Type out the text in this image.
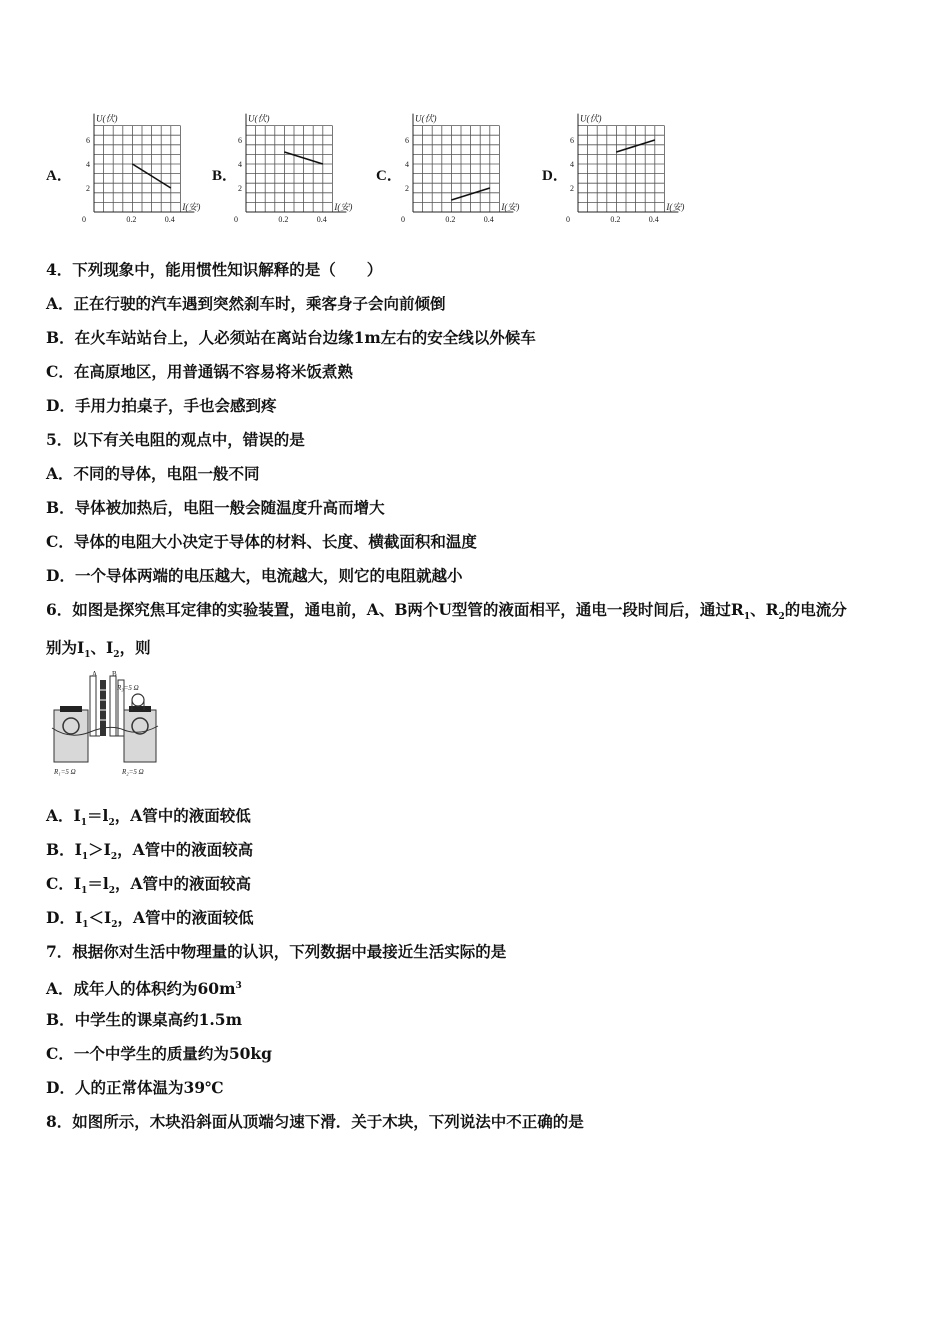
A．	B．	C．	D．
6
4
2
0	0.2	0.4
U(伏)
I(安)
6
4
2
0	0.2	0.4
U(伏)
I(安)
6
4
2
0	0.2	0.4
U(伏)
I(安)
6
4
2
0	0.2	0.4
U(伏)
I(安)
4．下列现象中，能用惯性知识解释的是（　　）
A．正在行驶的汽车遇到突然刹车时，乘客身子会向前倾倒
B．在火车站站台上，人必须站在离站台边缘1m左右的安全线以外候车
C．在高原地区，用普通锅不容易将米饭煮熟
D．手用力拍桌子，手也会感到疼
5．以下有关电阻的观点中，错误的是
A．不同的导体，电阻一般不同
B．导体被加热后，电阻一般会随温度升高而增大
C．导体的电阻大小决定于导体的材料、长度、横截面积和温度
D．一个导体两端的电压越大，电流越大，则它的电阻就越小
6．如图是探究焦耳定律的实验装置，通电前，A、B两个U型管的液面相平，通电一段时间后，通过$R_1$、$R_2$的电流分
别为$I_1$、$I_2$，则
A B
R₃=5 Ω
R₁=5 Ω	R₂=5 Ω
A．$I_1=l_2$，A管中的液面较低
B．$I_1>I_2$，A管中的液面较高
C．$I_1=l_2$，A管中的液面较高
D．$I_1<I_2$，A管中的液面较低
7．根据你对生活中物理量的认识，下列数据中最接近生活实际的是
A．成年人的体积约为$60m^3$
B．中学生的课桌高约1.5m
C．一个中学生的质量约为50kg
D．人的正常体温为39℃
8．如图所示，木块沿斜面从顶端匀速下滑．关于木块，下列说法中不正确的是
